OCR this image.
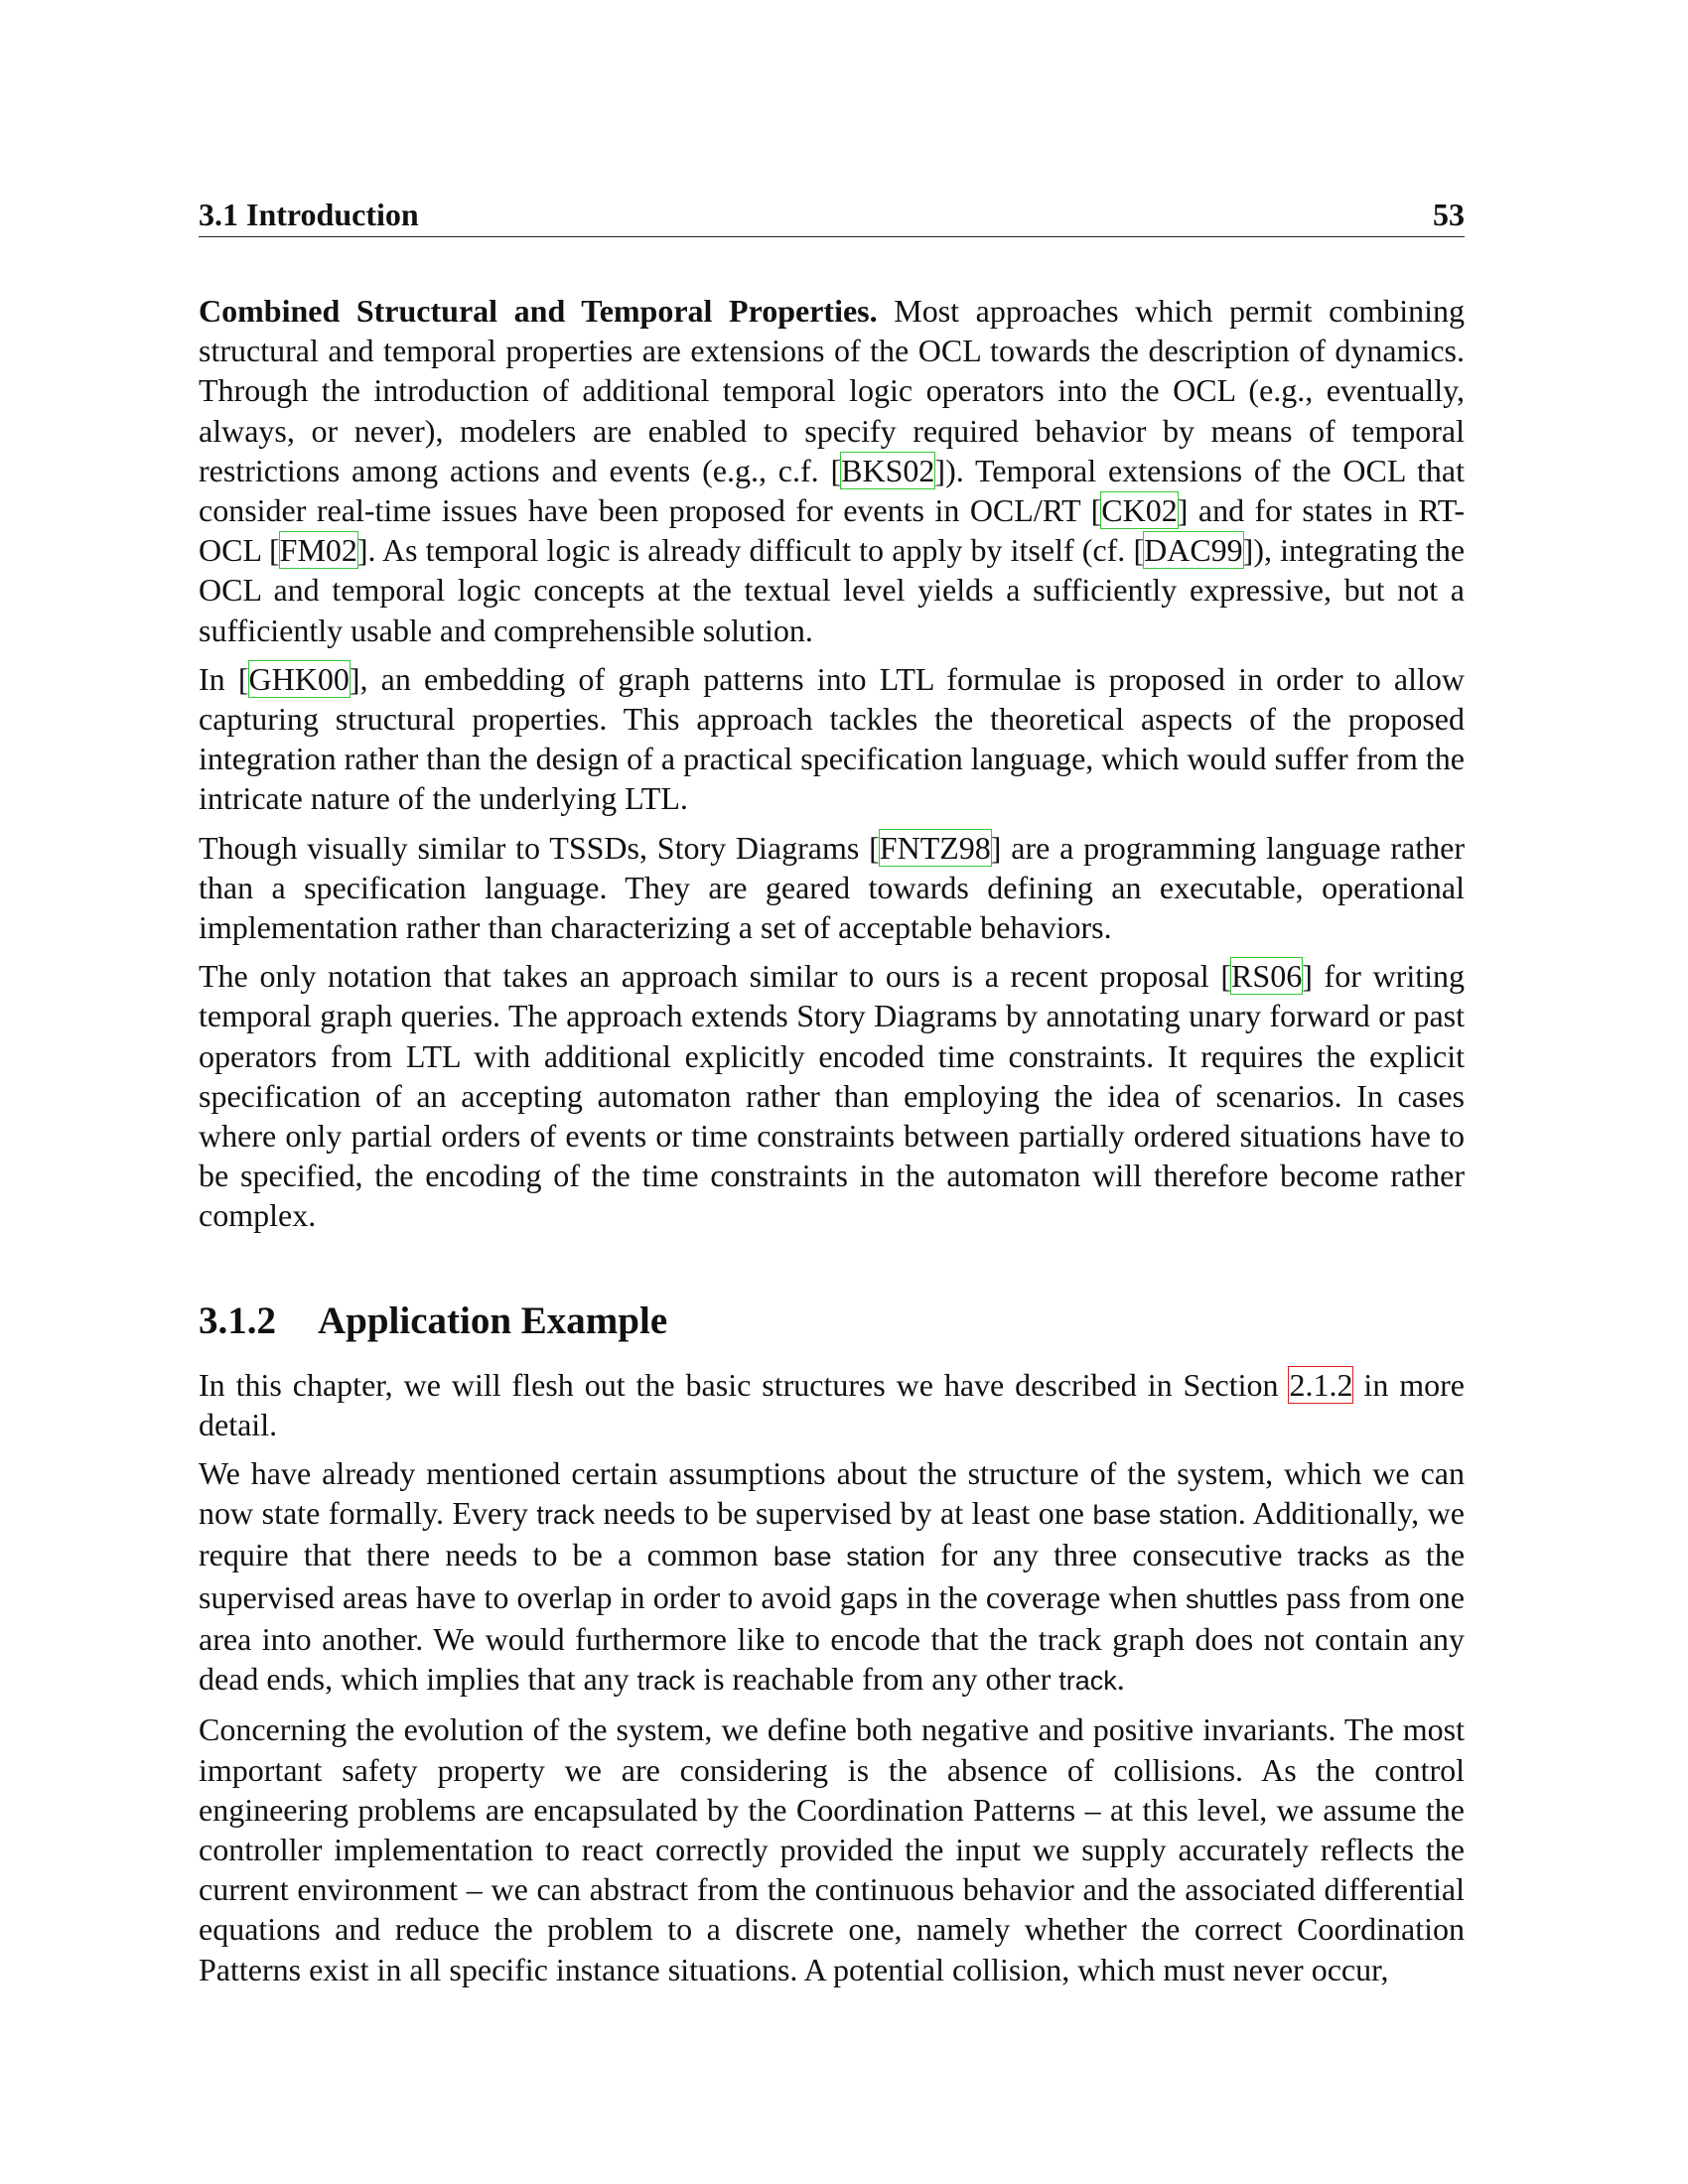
3.1 Introduction	53

Combined Structural and Temporal Properties. Most approaches which permit combining structural and temporal properties are extensions of the OCL towards the description of dynamics. Through the introduction of additional temporal logic operators into the OCL (e.g., eventually, always, or never), modelers are enabled to specify required behavior by means of temporal restrictions among actions and events (e.g., c.f. [BKS02]). Temporal extensions of the OCL that consider real-time issues have been proposed for events in OCL/RT [CK02] and for states in RT-OCL [FM02]. As temporal logic is already difficult to apply by itself (cf. [DAC99]), integrating the OCL and temporal logic concepts at the textual level yields a sufficiently expressive, but not a sufficiently usable and comprehensible solution.

In [GHK00], an embedding of graph patterns into LTL formulae is proposed in order to allow capturing structural properties. This approach tackles the theoretical aspects of the proposed integration rather than the design of a practical specification language, which would suffer from the intricate nature of the underlying LTL.

Though visually similar to TSSDs, Story Diagrams [FNTZ98] are a programming language rather than a specification language. They are geared towards defining an executable, operational implementation rather than characterizing a set of acceptable behaviors.

The only notation that takes an approach similar to ours is a recent proposal [RS06] for writing temporal graph queries. The approach extends Story Diagrams by annotating unary forward or past operators from LTL with additional explicitly encoded time constraints. It requires the explicit specification of an accepting automaton rather than employing the idea of scenarios. In cases where only partial orders of events or time constraints between partially ordered situations have to be specified, the encoding of the time constraints in the automaton will therefore become rather complex.

3.1.2 Application Example

In this chapter, we will flesh out the basic structures we have described in Section 2.1.2 in more detail.

We have already mentioned certain assumptions about the structure of the system, which we can now state formally. Every track needs to be supervised by at least one base station. Additionally, we require that there needs to be a common base station for any three consecutive tracks as the supervised areas have to overlap in order to avoid gaps in the coverage when shuttles pass from one area into another. We would furthermore like to encode that the track graph does not contain any dead ends, which implies that any track is reachable from any other track.

Concerning the evolution of the system, we define both negative and positive invariants. The most important safety property we are considering is the absence of collisions. As the control engineering problems are encapsulated by the Coordination Patterns – at this level, we assume the controller implementation to react correctly provided the input we supply accurately reflects the current environment – we can abstract from the continuous behavior and the associated differential equations and reduce the problem to a discrete one, namely whether the correct Coordination Patterns exist in all specific instance situations. A potential collision, which must never occur,
